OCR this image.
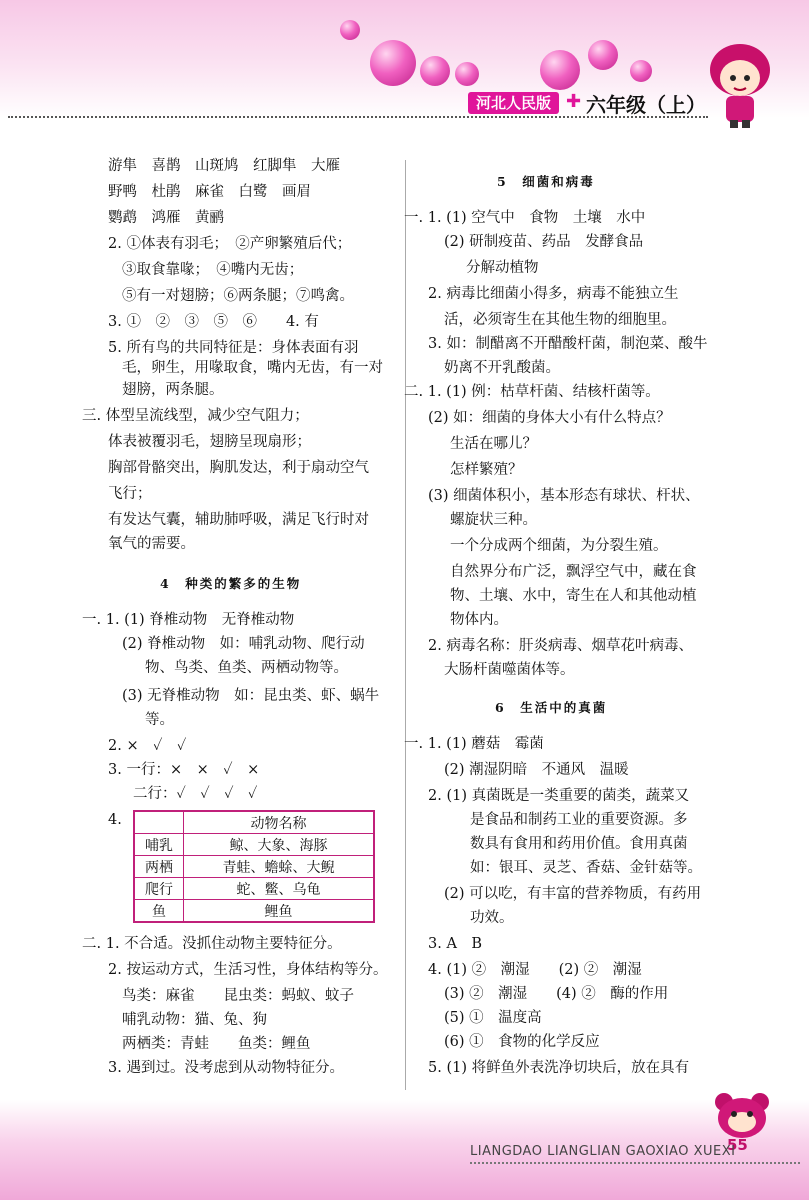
河北人民版 ✚ 六年级（上）
游隼　喜鹊　山斑鸠　红脚隼　大雁
野鸭　杜鹃　麻雀　白鹭　画眉
鹦鹉　鸿雁　黄鹂
2. ①体表有羽毛；　②产卵繁殖后代；
③取食靠喙；　④嘴内无齿；
⑤有一对翅膀；⑥两条腿；⑦鸣禽。
3. ①　②　③　⑤　⑥　　4. 有
5. 所有鸟的共同特征是：身体表面有羽
毛，卵生，用喙取食，嘴内无齿，有一对
翅膀，两条腿。
三. 体型呈流线型，减少空气阻力；
体表被覆羽毛，翅膀呈现扇形；
胸部骨骼突出，胸肌发达，利于扇动空气
飞行；
有发达气囊，辅助肺呼吸，满足飞行时对
氧气的需要。
4　种类的繁多的生物
一. 1. (1) 脊椎动物　无脊椎动物
(2) 脊椎动物　如：哺乳动物、爬行动
物、鸟类、鱼类、两栖动物等。
(3) 无脊椎动物　如：昆虫类、虾、蜗牛
等。
2. ×　✓　✓
3. 一行：×　×　✓　×
二行：✓　✓　✓　✓
4.
		动物名称
哺乳	鲸、大象、海豚
两栖	青蛙、蟾蜍、大鲵
爬行	蛇、鳖、乌龟
鱼	鲤鱼
二. 1. 不合适。没抓住动物主要特征分。
2. 按运动方式，生活习性，身体结构等分。
鸟类：麻雀　　昆虫类：蚂蚁、蚊子
哺乳动物：猫、兔、狗
两栖类：青蛙　　鱼类：鲤鱼
3. 遇到过。没考虑到从动物特征分。
5　细菌和病毒
一. 1. (1) 空气中　食物　土壤　水中
(2) 研制疫苗、药品　发酵食品
分解动植物
2. 病毒比细菌小得多，病毒不能独立生
活，必须寄生在其他生物的细胞里。
3. 如：制醋离不开醋酸杆菌，制泡菜、酸牛
奶离不开乳酸菌。
二. 1. (1) 例：枯草杆菌、结核杆菌等。
(2) 如：细菌的身体大小有什么特点？
生活在哪儿？
怎样繁殖？
(3) 细菌体积小，基本形态有球状、杆状、
螺旋状三种。
一个分成两个细菌，为分裂生殖。
自然界分布广泛，飘浮空气中，藏在食
物、土壤、水中，寄生在人和其他动植
物体内。
2. 病毒名称：肝炎病毒、烟草花叶病毒、
大肠杆菌噬菌体等。
6　生活中的真菌
一. 1. (1) 蘑菇　霉菌
(2) 潮湿阴暗　不通风　温暖
2. (1) 真菌既是一类重要的菌类，蔬菜又
是食品和制药工业的重要资源。多
数具有食用和药用价值。食用真菌
如：银耳、灵芝、香菇、金针菇等。
(2) 可以吃，有丰富的营养物质，有药用
功效。
3. A　B
4. (1) ②　潮湿　　(2) ②　潮湿
(3) ②　潮湿　　(4) ②　酶的作用
(5) ①　温度高
(6) ①　食物的化学反应
5. (1) 将鲜鱼外表洗净切块后，放在具有
55
LIANGDAO LIANGLIAN GAOXIAO XUEXI
